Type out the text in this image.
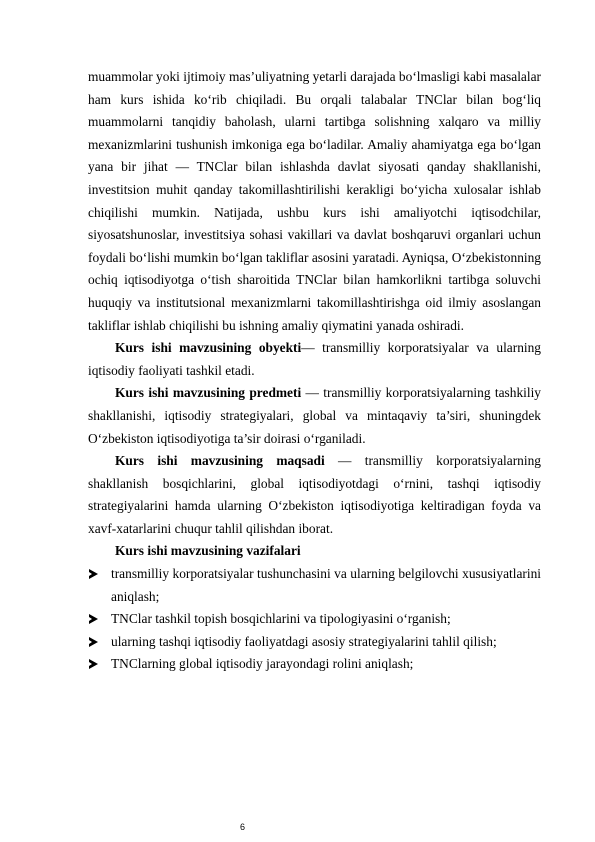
muammolar yoki ijtimoiy mas’uliyatning yetarli darajada bo‘lmasligi kabi masalalar ham kurs ishida ko‘rib chiqiladi. Bu orqali talabalar TNClar bilan bog‘liq muammolarni tanqidiy baholash, ularni tartibga solishning xalqaro va milliy mexanizmlarini tushunish imkoniga ega bo‘ladilar. Amaliy ahamiyatga ega bo‘lgan yana bir jihat — TNClar bilan ishlashda davlat siyosati qanday shakllanishi, investitsion muhit qanday takomillashtirilishi kerakligi bo‘yicha xulosalar ishlab chiqilishi mumkin. Natijada, ushbu kurs ishi amaliyotchi iqtisodchilar, siyosatshunoslar, investitsiya sohasi vakillari va davlat boshqaruvi organlari uchun foydali bo‘lishi mumkin bo‘lgan takliflar asosini yaratadi. Ayniqsa, O‘zbekistonning ochiq iqtisodiyotga o‘tish sharoitida TNClar bilan hamkorlikni tartibga soluvchi huquqiy va institutsional mexanizmlarni takomillashtirishga oid ilmiy asoslangan takliflar ishlab chiqilishi bu ishning amaliy qiymatini yanada oshiradi.

Kurs ishi mavzusining obyekti— transmilliy korporatsiyalar va ularning iqtisodiy faoliyati tashkil etadi.

Kurs ishi mavzusining predmeti — transmilliy korporatsiyalarning tashkiliy shakllanishi, iqtisodiy strategiyalari, global va mintaqaviy ta’siri, shuningdek O‘zbekiston iqtisodiyotiga ta’sir doirasi o‘rganiladi.

Kurs ishi mavzusining maqsadi — transmilliy korporatsiyalarning shakllanish bosqichlarini, global iqtisodiyotdagi o‘rnini, tashqi iqtisodiy strategiyalarini hamda ularning O‘zbekiston iqtisodiyotiga keltiradigan foyda va xavf-xatarlarini chuqur tahlil qilishdan iborat.

Kurs ishi mavzusining vazifalari

transmilliy korporatsiyalar tushunchasini va ularning belgilovchi xususiyatlarini aniqlash;
TNClar tashkil topish bosqichlarini va tipologiyasini o‘rganish;
ularning tashqi iqtisodiy faoliyatdagi asosiy strategiyalarini tahlil qilish;
TNClarning global iqtisodiy jarayondagi rolini aniqlash;
6
